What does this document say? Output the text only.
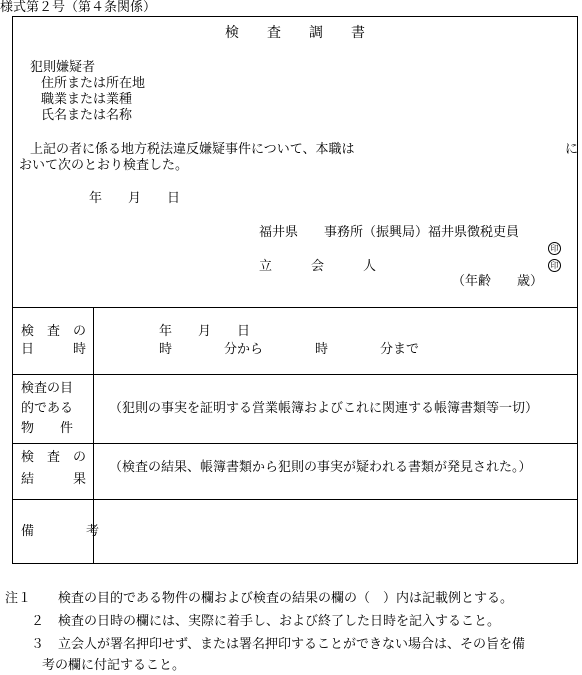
様式第２号（第４条関係）
検　　査　　調　　書
犯則嫌疑者
住所または所在地
職業または業種
氏名または名称
上記の者に係る地方税法違反嫌疑事件について、本職は	に
おいて次のとおり検査した。
年　　月　　日
福井県　　事務所（振興局）福井県徴税吏員
印
立　　　会　　　人	印
（年齢　　歳）
検　査　の
日　　　時
年　　月　　日
時　　　　分から　　　　時　　　　分まで
検査の目
的である
物　　件
（犯則の事実を証明する営業帳簿およびこれに関連する帳簿書類等一切）
検　査　の
結　　　果
（検査の結果、帳簿書類から犯則の事実が疑われる書類が発見された。）
備　　　　考
注１ 検査の目的である物件の欄および検査の結果の欄の（　）内は記載例とする。
２ 検査の日時の欄には、実際に着手し、および終了した日時を記入すること。
３ 立会人が署名押印せず、または署名押印することができない場合は、その旨を備
考の欄に付記すること。
